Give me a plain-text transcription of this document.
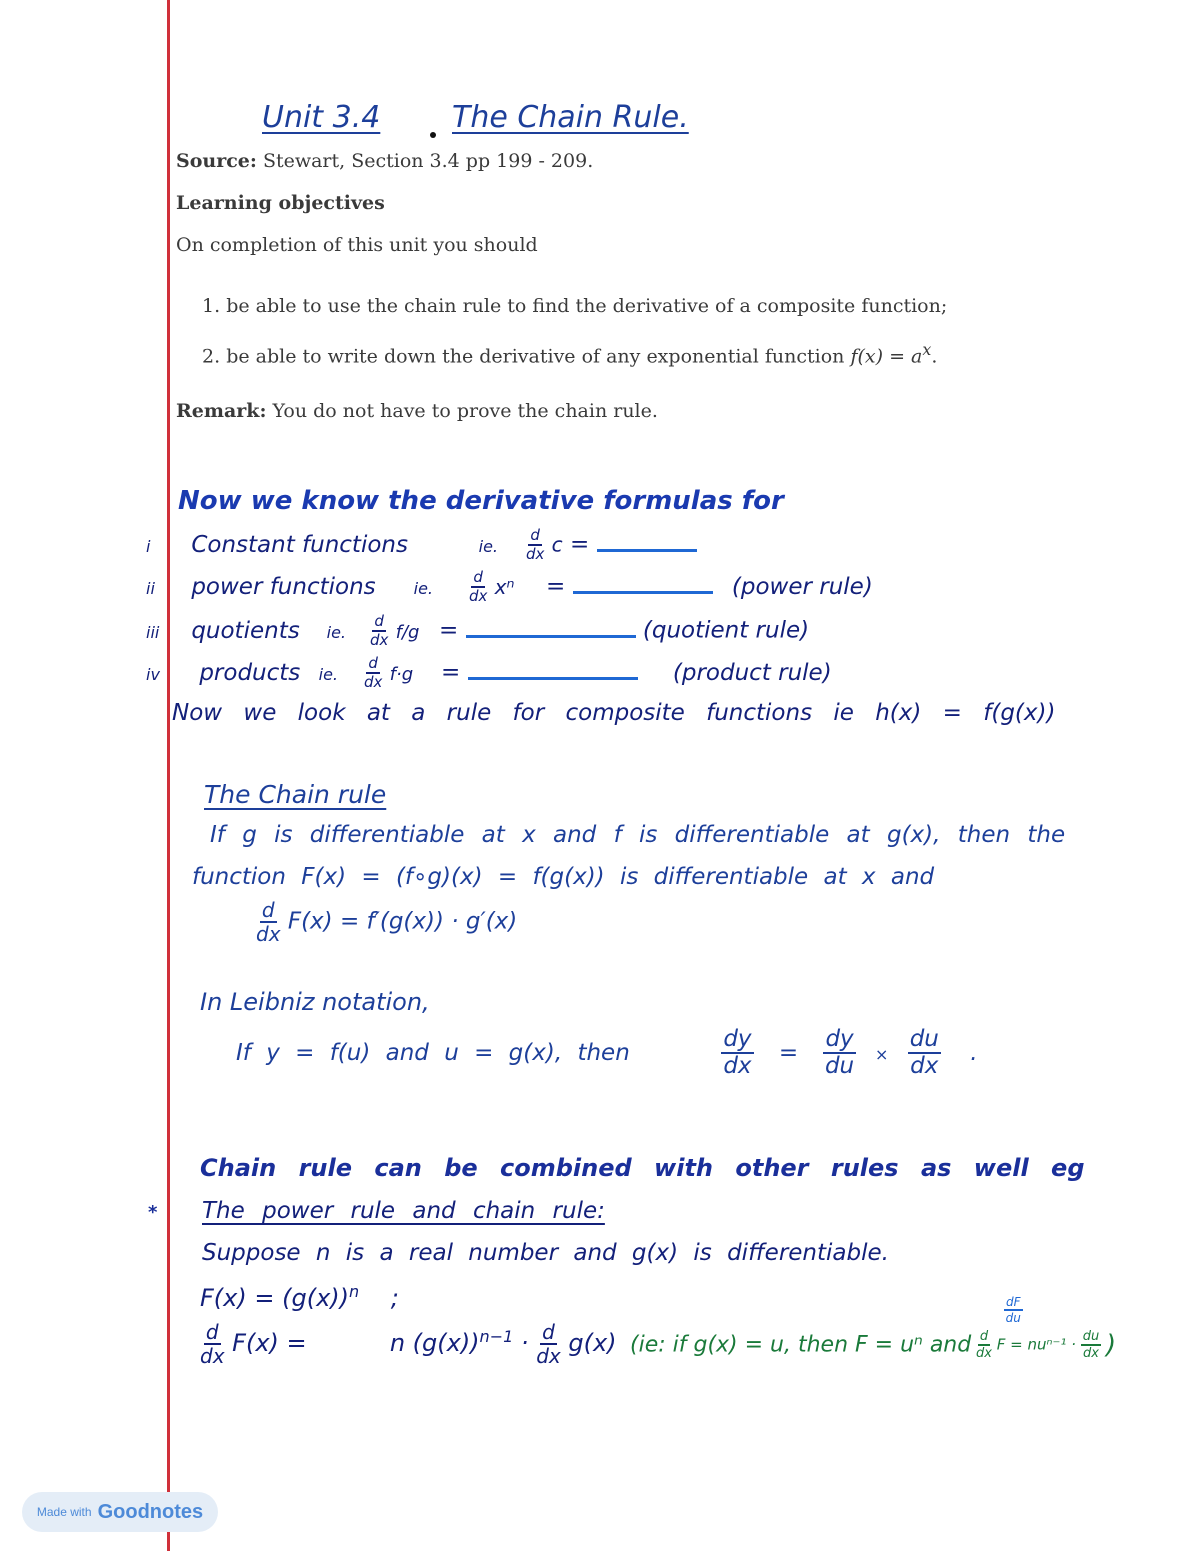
Unit 3.4 The Chain Rule.
Source: Stewart, Section 3.4 pp 199 - 209.
Learning objectives
On completion of this unit you should
1. be able to use the chain rule to find the derivative of a composite function;
2. be able to write down the derivative of any exponential function $f(x) = a^x$.
Remark: You do not have to prove the chain rule.
Now we know the derivative formulas for
i Constant functions	ie. $\frac{d}{dx}$ c =
ii power functions ie. $\frac{d}{dx}$ xⁿ =	(power rule)
iii quotients ie. $\frac{d}{dx} f/g$ =	(quotient rule)
iv products ie. $\frac{d}{dx} f\cdot g$ =	(product rule)
Now we look at a rule for composite functions ie h(x) = f(g(x))
The Chain rule
If g is differentiable at x and f is differentiable at g(x), then the
function F(x) = (f∘g)(x) = f(g(x)) is differentiable at x and
$\frac{d}{dx} F(x) = f'(g(x)) \cdot g'(x)$
In Leibniz notation,
If y = f(u) and u = g(x), then	$\frac{dy}{dx} = \frac{dy}{du} \times \frac{du}{dx}$ .
Chain rule can be combined with other rules as well eg
* The power rule and chain rule:
Suppose n is a real number and g(x) is differentiable.
$F(x) = (g(x))^n$ ;
$\frac{d}{dx} F(x)$ =	n $(g(x))^{n-1} \cdot \frac{d}{dx} g(x)$ (ie: if g(x) = u, then F = uⁿ and $\frac{d}{dx}$ $F = nu^{n-1} \cdot \frac{du}{dx}$ )
$\frac{dF}{du}$
Made with Goodnotes
